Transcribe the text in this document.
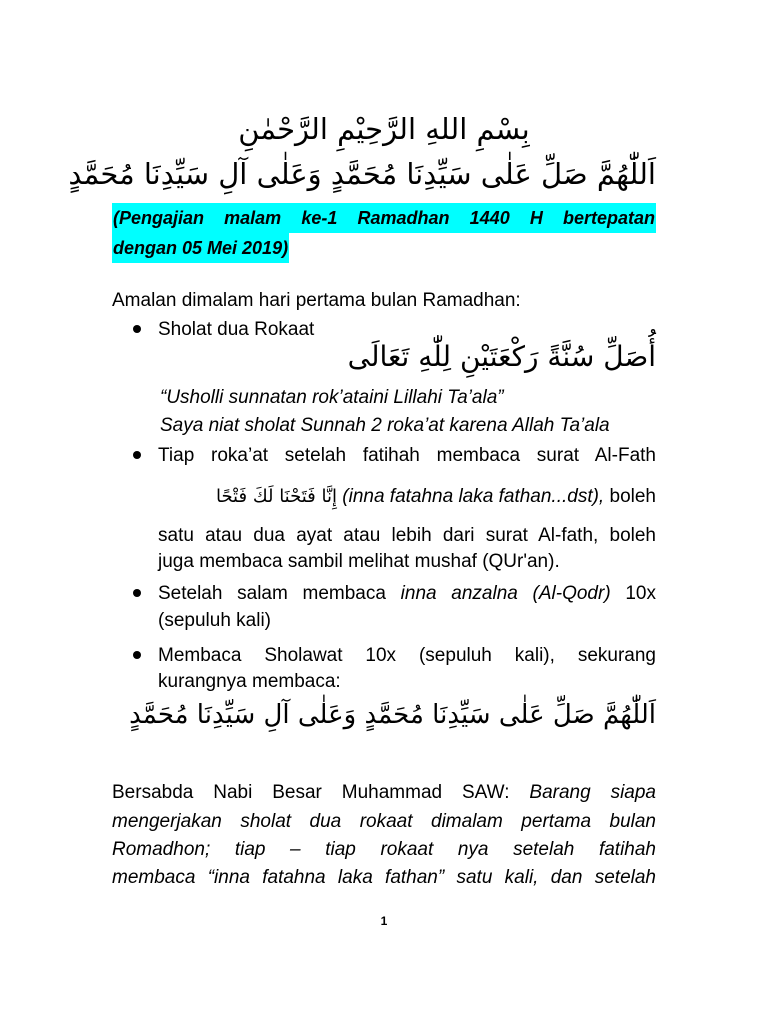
بِسْمِ اللهِ الرَّحِيْمِ الرَّحْمٰنِ
اَللّٰهُمَّ صَلِّ عَلٰى سَيِّدِنَا مُحَمَّدٍ وَعَلٰى آلِ سَيِّدِنَا مُحَمَّدٍ
(Pengajian malam ke-1 Ramadhan 1440 H bertepatan
dengan 05 Mei 2019)
Amalan dimalam hari pertama bulan Ramadhan:
Sholat dua Rokaat
أُصَلِّ سُنَّةً رَكْعَتَيْنِ لِلّٰهِ تَعَالَى
“Usholli sunnatan rok’ataini Lillahi Ta’ala”
Saya niat sholat Sunnah 2 roka’at karena Allah Ta’ala
Tiap roka’at setelah fatihah membaca surat Al-Fath
إِنَّا فَتَحْنَا لَكَ فَتْحًا (inna fatahna laka fathan...dst), boleh
satu atau dua ayat atau lebih dari surat Al-fath, boleh
juga membaca sambil melihat mushaf (QUr'an).
Setelah salam membaca inna anzalna (Al-Qodr) 10x
(sepuluh kali)
Membaca Sholawat 10x (sepuluh kali), sekurang
kurangnya membaca:
اَللّٰهُمَّ صَلِّ عَلٰى سَيِّدِنَا مُحَمَّدٍ وَعَلٰى آلِ سَيِّدِنَا مُحَمَّدٍ
Bersabda Nabi Besar Muhammad SAW: Barang siapa
mengerjakan sholat dua rokaat dimalam pertama bulan
Romadhon; tiap – tiap rokaat nya setelah fatihah
membaca “inna fatahna laka fathan” satu kali, dan setelah
1
